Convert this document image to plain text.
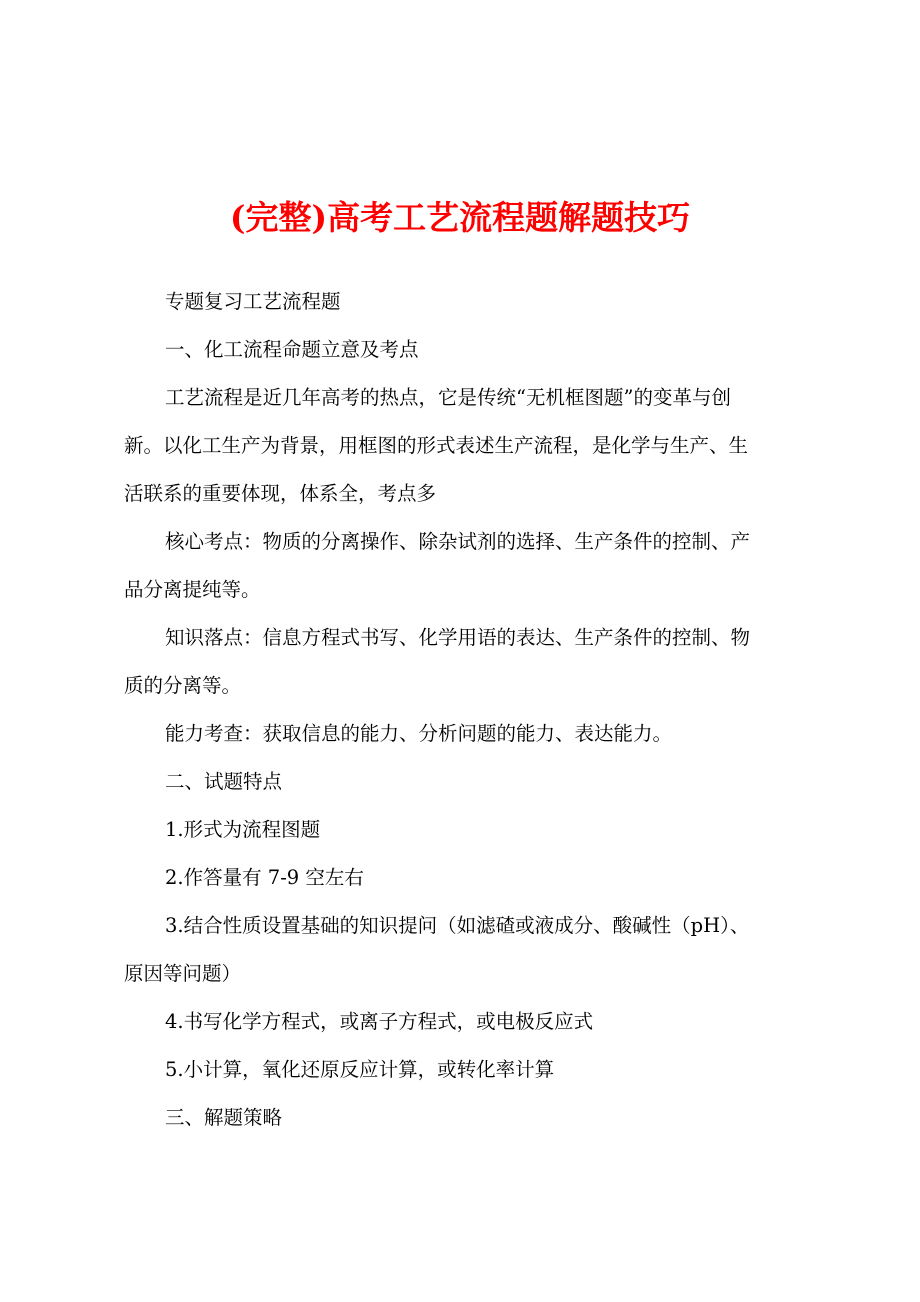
(完整)高考工艺流程题解题技巧
专题复习工艺流程题
一、化工流程命题立意及考点
工艺流程是近几年高考的热点，它是传统“无机框图题”的变革与创
新。以化工生产为背景，用框图的形式表述生产流程，是化学与生产、生
活联系的重要体现，体系全，考点多
核心考点：物质的分离操作、除杂试剂的选择、生产条件的控制、产
品分离提纯等。
知识落点：信息方程式书写、化学用语的表达、生产条件的控制、物
质的分离等。
能力考查：获取信息的能力、分析问题的能力、表达能力。
二、试题特点
1.形式为流程图题
2.作答量有 7-9 空左右
3.结合性质设置基础的知识提问（如滤碴或液成分、酸碱性（pH）、
原因等问题）
4.书写化学方程式，或离子方程式，或电极反应式
5.小计算，氧化还原反应计算，或转化率计算
三、解题策略
